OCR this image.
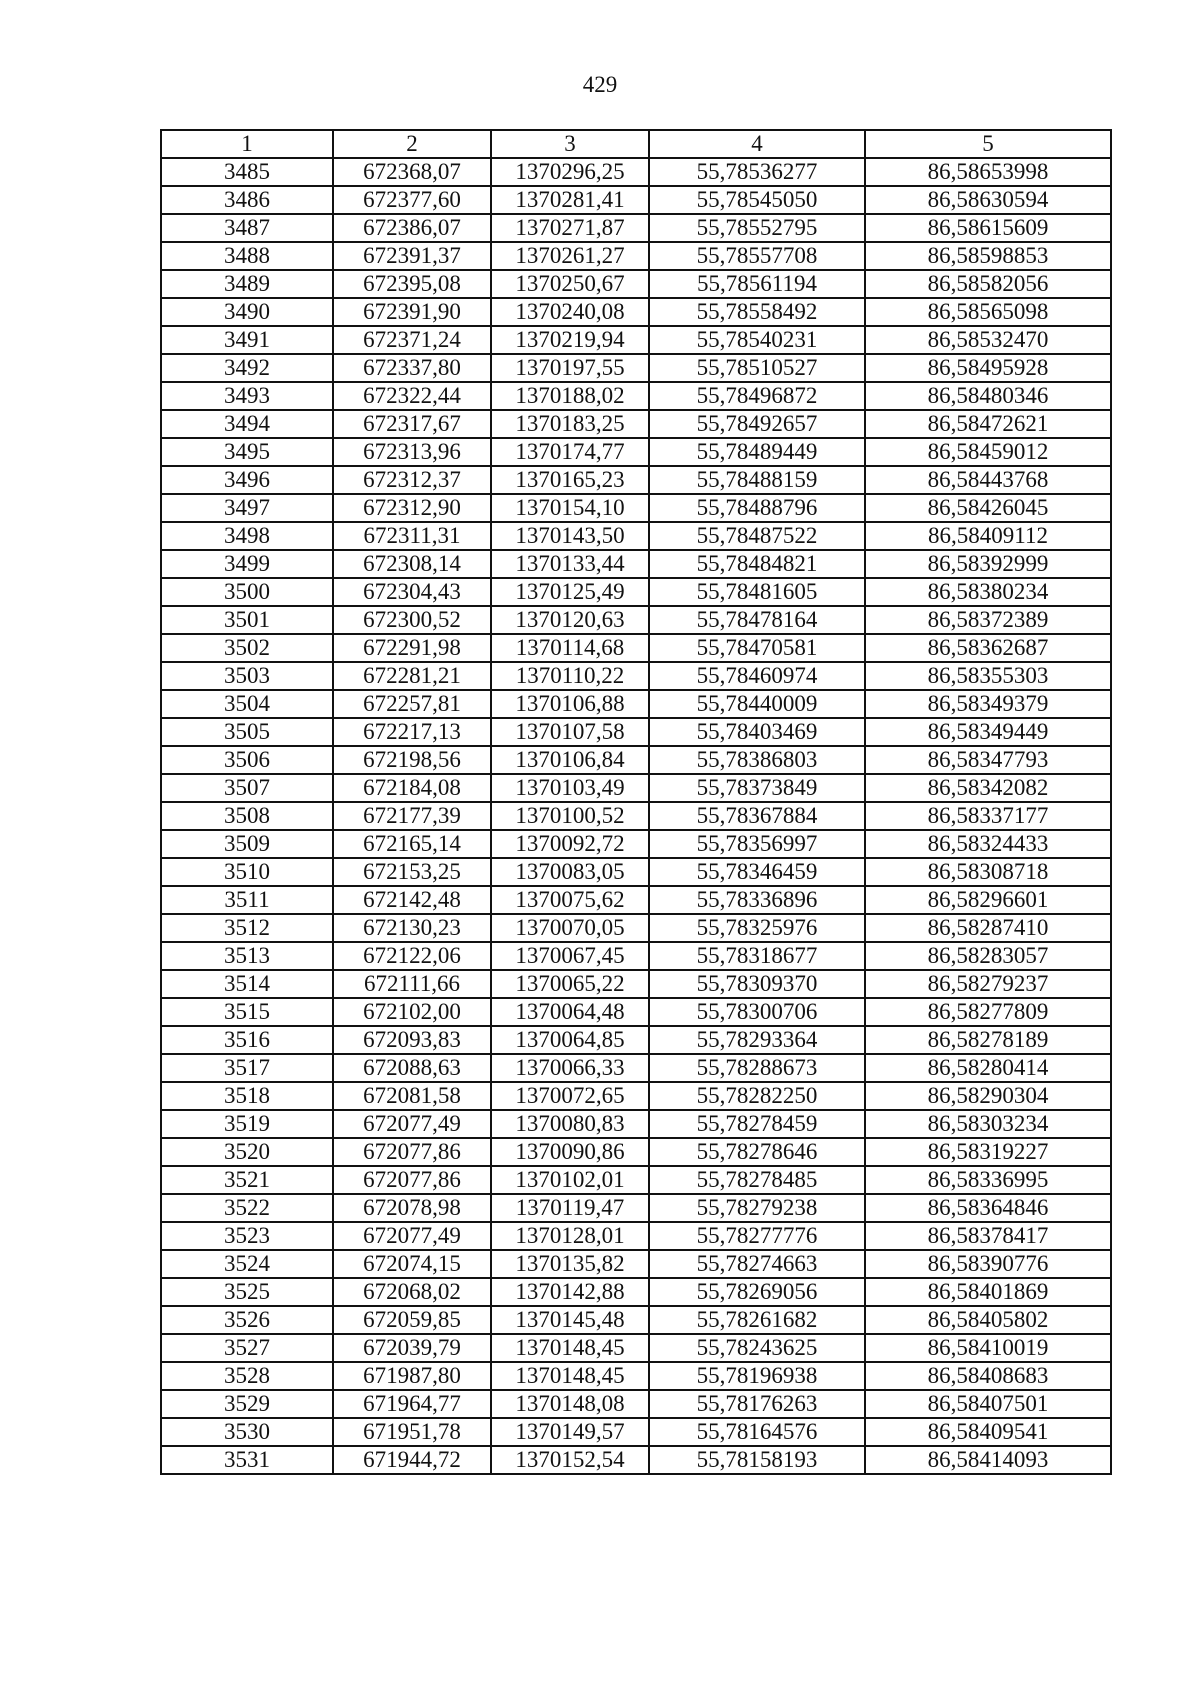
429
1	2	3	4	5
3485	672368,07	1370296,25	55,78536277	86,58653998
3486	672377,60	1370281,41	55,78545050	86,58630594
3487	672386,07	1370271,87	55,78552795	86,58615609
3488	672391,37	1370261,27	55,78557708	86,58598853
3489	672395,08	1370250,67	55,78561194	86,58582056
3490	672391,90	1370240,08	55,78558492	86,58565098
3491	672371,24	1370219,94	55,78540231	86,58532470
3492	672337,80	1370197,55	55,78510527	86,58495928
3493	672322,44	1370188,02	55,78496872	86,58480346
3494	672317,67	1370183,25	55,78492657	86,58472621
3495	672313,96	1370174,77	55,78489449	86,58459012
3496	672312,37	1370165,23	55,78488159	86,58443768
3497	672312,90	1370154,10	55,78488796	86,58426045
3498	672311,31	1370143,50	55,78487522	86,58409112
3499	672308,14	1370133,44	55,78484821	86,58392999
3500	672304,43	1370125,49	55,78481605	86,58380234
3501	672300,52	1370120,63	55,78478164	86,58372389
3502	672291,98	1370114,68	55,78470581	86,58362687
3503	672281,21	1370110,22	55,78460974	86,58355303
3504	672257,81	1370106,88	55,78440009	86,58349379
3505	672217,13	1370107,58	55,78403469	86,58349449
3506	672198,56	1370106,84	55,78386803	86,58347793
3507	672184,08	1370103,49	55,78373849	86,58342082
3508	672177,39	1370100,52	55,78367884	86,58337177
3509	672165,14	1370092,72	55,78356997	86,58324433
3510	672153,25	1370083,05	55,78346459	86,58308718
3511	672142,48	1370075,62	55,78336896	86,58296601
3512	672130,23	1370070,05	55,78325976	86,58287410
3513	672122,06	1370067,45	55,78318677	86,58283057
3514	672111,66	1370065,22	55,78309370	86,58279237
3515	672102,00	1370064,48	55,78300706	86,58277809
3516	672093,83	1370064,85	55,78293364	86,58278189
3517	672088,63	1370066,33	55,78288673	86,58280414
3518	672081,58	1370072,65	55,78282250	86,58290304
3519	672077,49	1370080,83	55,78278459	86,58303234
3520	672077,86	1370090,86	55,78278646	86,58319227
3521	672077,86	1370102,01	55,78278485	86,58336995
3522	672078,98	1370119,47	55,78279238	86,58364846
3523	672077,49	1370128,01	55,78277776	86,58378417
3524	672074,15	1370135,82	55,78274663	86,58390776
3525	672068,02	1370142,88	55,78269056	86,58401869
3526	672059,85	1370145,48	55,78261682	86,58405802
3527	672039,79	1370148,45	55,78243625	86,58410019
3528	671987,80	1370148,45	55,78196938	86,58408683
3529	671964,77	1370148,08	55,78176263	86,58407501
3530	671951,78	1370149,57	55,78164576	86,58409541
3531	671944,72	1370152,54	55,78158193	86,58414093
